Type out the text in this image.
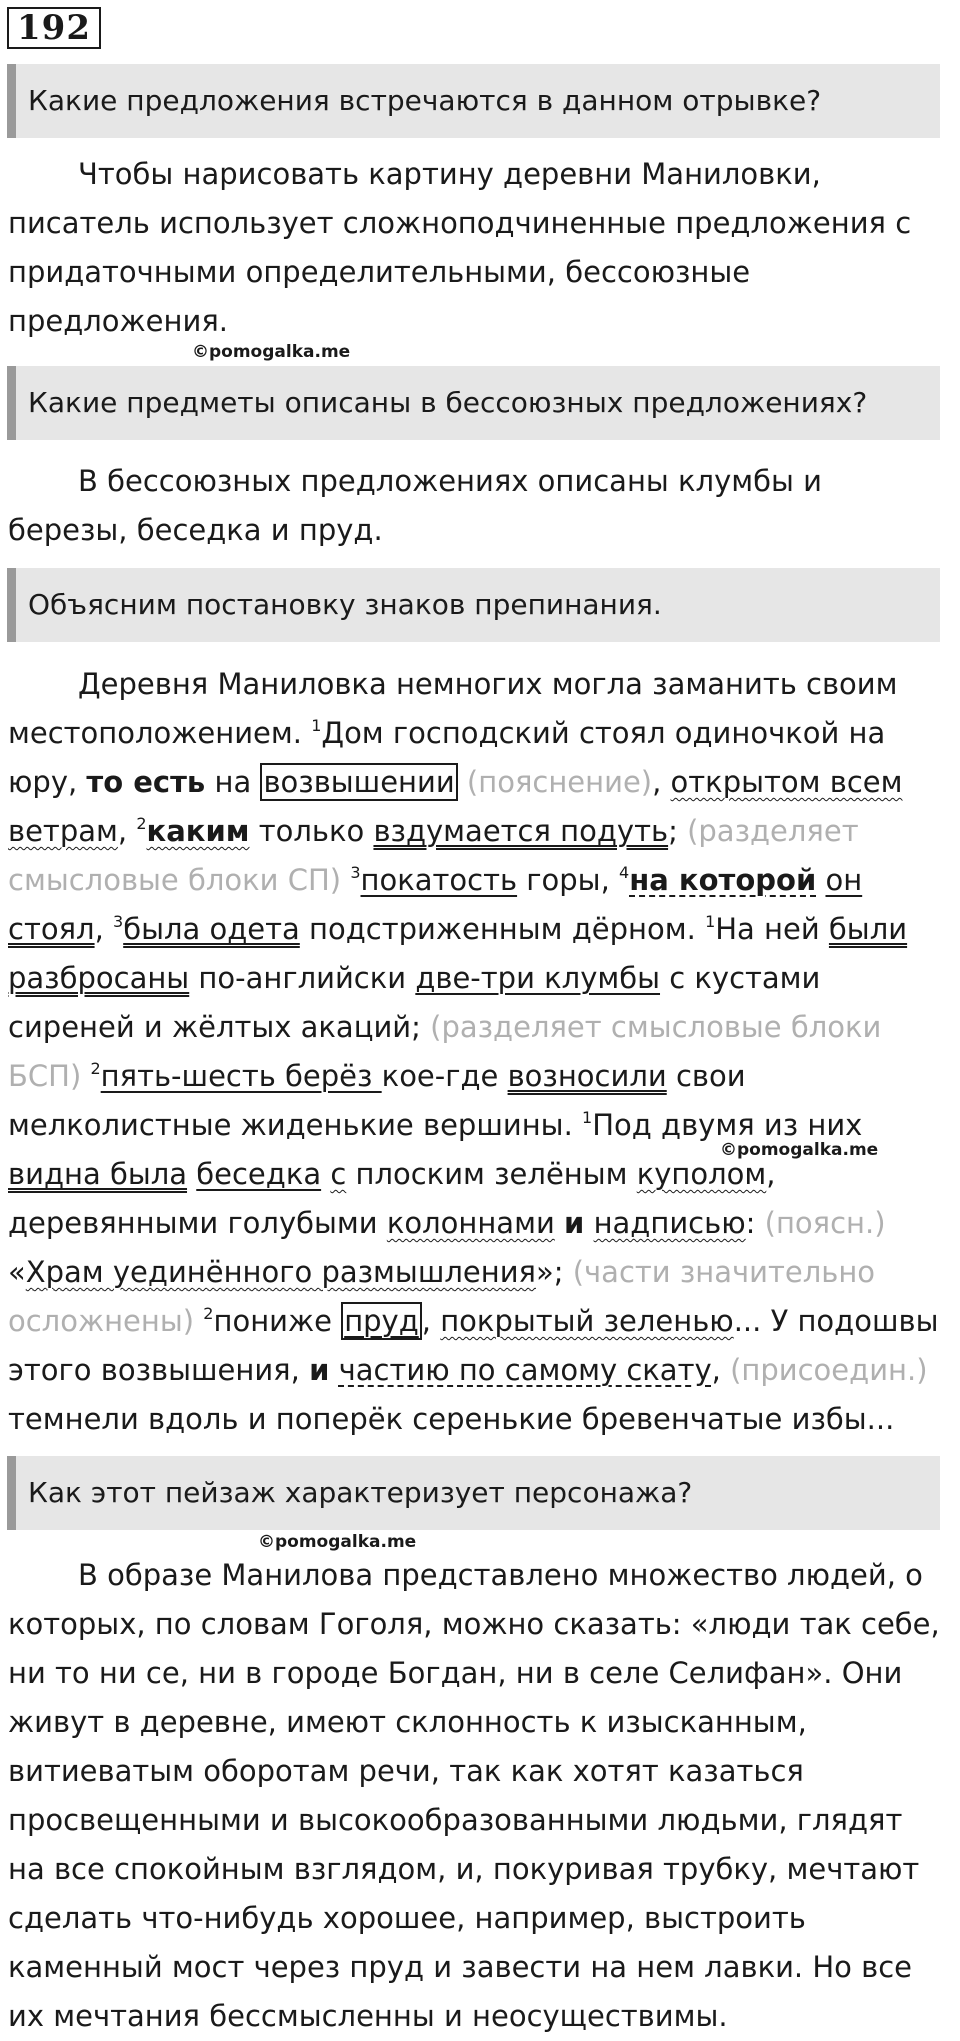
192
Какие предложения встречаются в данном отрывке?
Чтобы нарисовать картину деревни Маниловки,
писатель использует сложноподчиненные предложения с
придаточными определительными, бессоюзные
предложения.
©pomogalka.me
Какие предметы описаны в бессоюзных предложениях?
В бессоюзных предложениях описаны клумбы и
березы, беседка и пруд.
Объясним постановку знаков препинания.
Деревня Маниловка немногих могла заманить своим
местоположением. $^1$Дом господский стоял одиночкой на
юру, то есть на возвышении (пояснение), открытом всем
ветрам, $^2$каким только вздумается подуть; (разделяет
смысловые блоки СП) $^3$покатость горы, $^4$на которой он
стоял, $^3$была одета подстриженным дёрном. $^1$На ней были
разбросаны по-английски две-три клумбы с кустами
сиреней и жёлтых акаций; (разделяет смысловые блоки
БСП) $^2$пять-шесть берёз кое-где возносили свои
мелколистные жиденькие вершины. $^1$Под двумя из них
видна была беседка с плоским зелёным куполом,
деревянными голубыми колоннами и надписью: (поясн.)
«Храм уединённого размышления»; (части значительно
осложнены) $^2$пониже пруд , покрытый зеленью... У подошвы
этого возвышения, и частию по самому скату, (присоедин.)
темнели вдоль и поперёк серенькие бревенчатые избы...
©pomogalka.me
Как этот пейзаж характеризует персонажа?
©pomogalka.me
В образе Манилова представлено множество людей, о
которых, по словам Гоголя, можно сказать: «люди так себе,
ни то ни се, ни в городе Богдан, ни в селе Селифан». Они
живут в деревне, имеют склонность к изысканным,
витиеватым оборотам речи, так как хотят казаться
просвещенными и высокообразованными людьми, глядят
на все спокойным взглядом, и, покуривая трубку, мечтают
сделать что-нибудь хорошее, например, выстроить
каменный мост через пруд и завести на нем лавки. Но все
их мечтания бессмысленны и неосуществимы.
